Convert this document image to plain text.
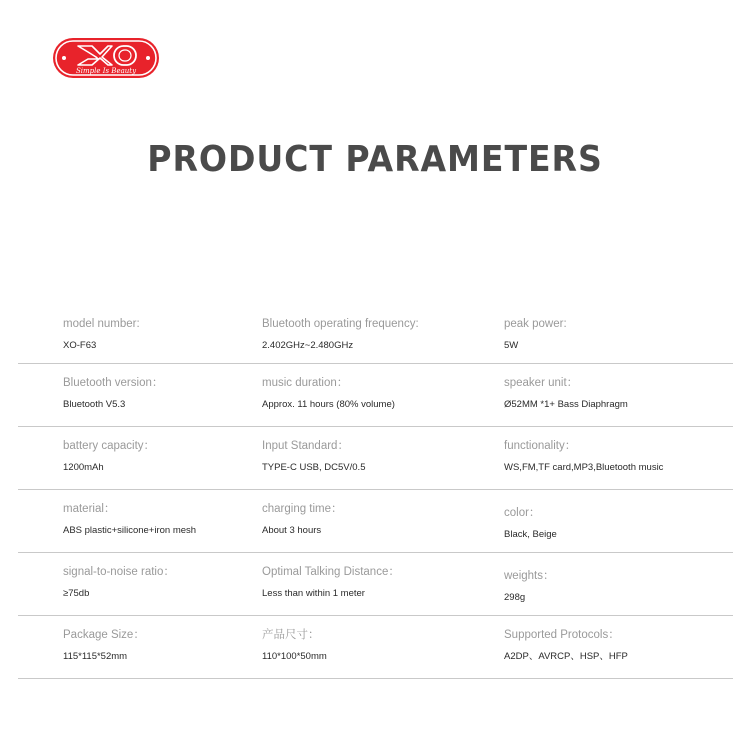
Simple Is Beauty
PRODUCT PARAMETERS
model number:
XO-F63
Bluetooth operating frequency:
2.402GHz~2.480GHz
peak power:
5W
Bluetooth version：
Bluetooth V5.3
music duration：
Approx. 11 hours (80% volume)
speaker unit：
Ø52MM *1+ Bass Diaphragm
battery capacity：
1200mAh
Input Standard：
TYPE-C USB, DC5V/0.5
functionality：
WS,FM,TF card,MP3,Bluetooth music
material：
ABS plastic+silicone+iron mesh
charging time：
About 3 hours
color：
Black, Beige
signal-to-noise ratio：
≥75db
Optimal Talking Distance：
Less than within 1 meter
weights：
298g
Package Size：
115*115*52mm
产品尺寸：
110*100*50mm
Supported Protocols：
A2DP、AVRCP、HSP、HFP
